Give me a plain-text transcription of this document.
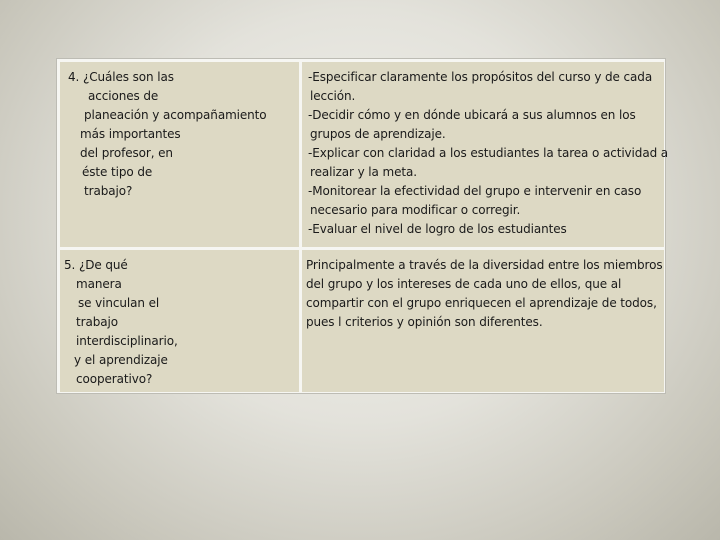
4. ¿Cuáles son las
acciones de
planeación y acompañamiento
más importantes
del profesor, en
éste tipo de
trabajo?
-Especificar claramente los propósitos del curso y de cada
lección.
-Decidir cómo y en dónde ubicará a sus alumnos en los
grupos de aprendizaje.
-Explicar con claridad a los estudiantes la tarea o actividad a
realizar y la meta.
-Monitorear la efectividad del grupo e intervenir en caso
necesario para modificar o corregir.
-Evaluar el nivel de logro de los estudiantes
5. ¿De qué
manera
se vinculan el
trabajo
interdisciplinario,
y el aprendizaje
cooperativo?
Principalmente a través de la diversidad entre los miembros
del grupo y los intereses de cada uno de ellos, que al
compartir con el grupo enriquecen el aprendizaje de todos,
pues l criterios y opinión son diferentes.
